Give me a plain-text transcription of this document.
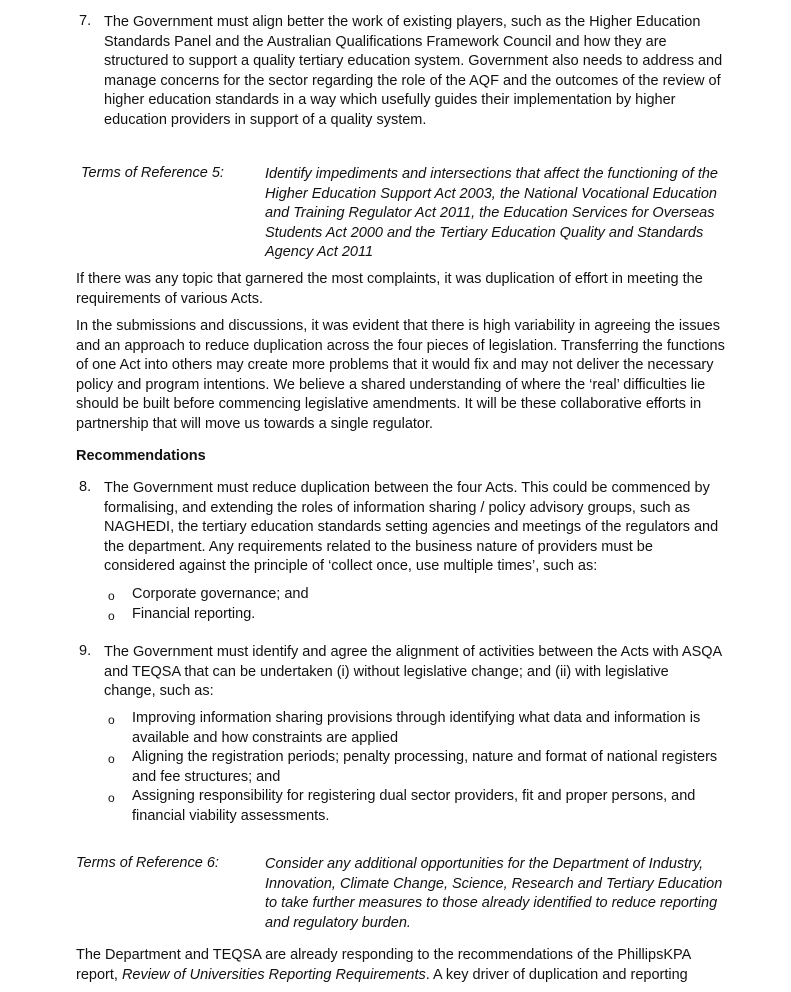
7. The Government must align better the work of existing players, such as the Higher Education Standards Panel and the Australian Qualifications Framework Council and how they are structured to support a quality tertiary education system. Government also needs to address and manage concerns for the sector regarding the role of the AQF and the outcomes of the review of higher education standards in a way which usefully guides their implementation by higher education providers in support of a quality system.

Terms of Reference 5:	Identify impediments and intersections that affect the functioning of the Higher Education Support Act 2003, the National Vocational Education and Training Regulator Act 2011, the Education Services for Overseas Students Act 2000 and the Tertiary Education Quality and Standards Agency Act 2011

If there was any topic that garnered the most complaints, it was duplication of effort in meeting the requirements of various Acts.

In the submissions and discussions, it was evident that there is high variability in agreeing the issues and an approach to reduce duplication across the four pieces of legislation. Transferring the functions of one Act into others may create more problems that it would fix and may not deliver the necessary policy and program intentions. We believe a shared understanding of where the ‘real’ difficulties lie should be built before commencing legislative amendments. It will be these collaborative efforts in partnership that will move us towards a single regulator.

Recommendations

8. The Government must reduce duplication between the four Acts. This could be commenced by formalising, and extending the roles of information sharing / policy advisory groups, such as NAGHEDI, the tertiary education standards setting agencies and meetings of the regulators and the department. Any requirements related to the business nature of providers must be considered against the principle of ‘collect once, use multiple times’, such as:

o Corporate governance; and
o Financial reporting.
9. The Government must identify and agree the alignment of activities between the Acts with ASQA and TEQSA that can be undertaken (i) without legislative change; and (ii) with legislative change, such as:

o Improving information sharing provisions through identifying what data and information is available and how constraints are applied
o Aligning the registration periods; penalty processing, nature and format of national registers and fee structures; and
o Assigning responsibility for registering dual sector providers, fit and proper persons, and financial viability assessments.
Terms of Reference 6:	Consider any additional opportunities for the Department of Industry, Innovation, Climate Change, Science, Research and Tertiary Education to take further measures to those already identified to reduce reporting and regulatory burden.

The Department and TEQSA are already responding to the recommendations of the PhillipsKPA report, Review of Universities Reporting Requirements. A key driver of duplication and reporting
